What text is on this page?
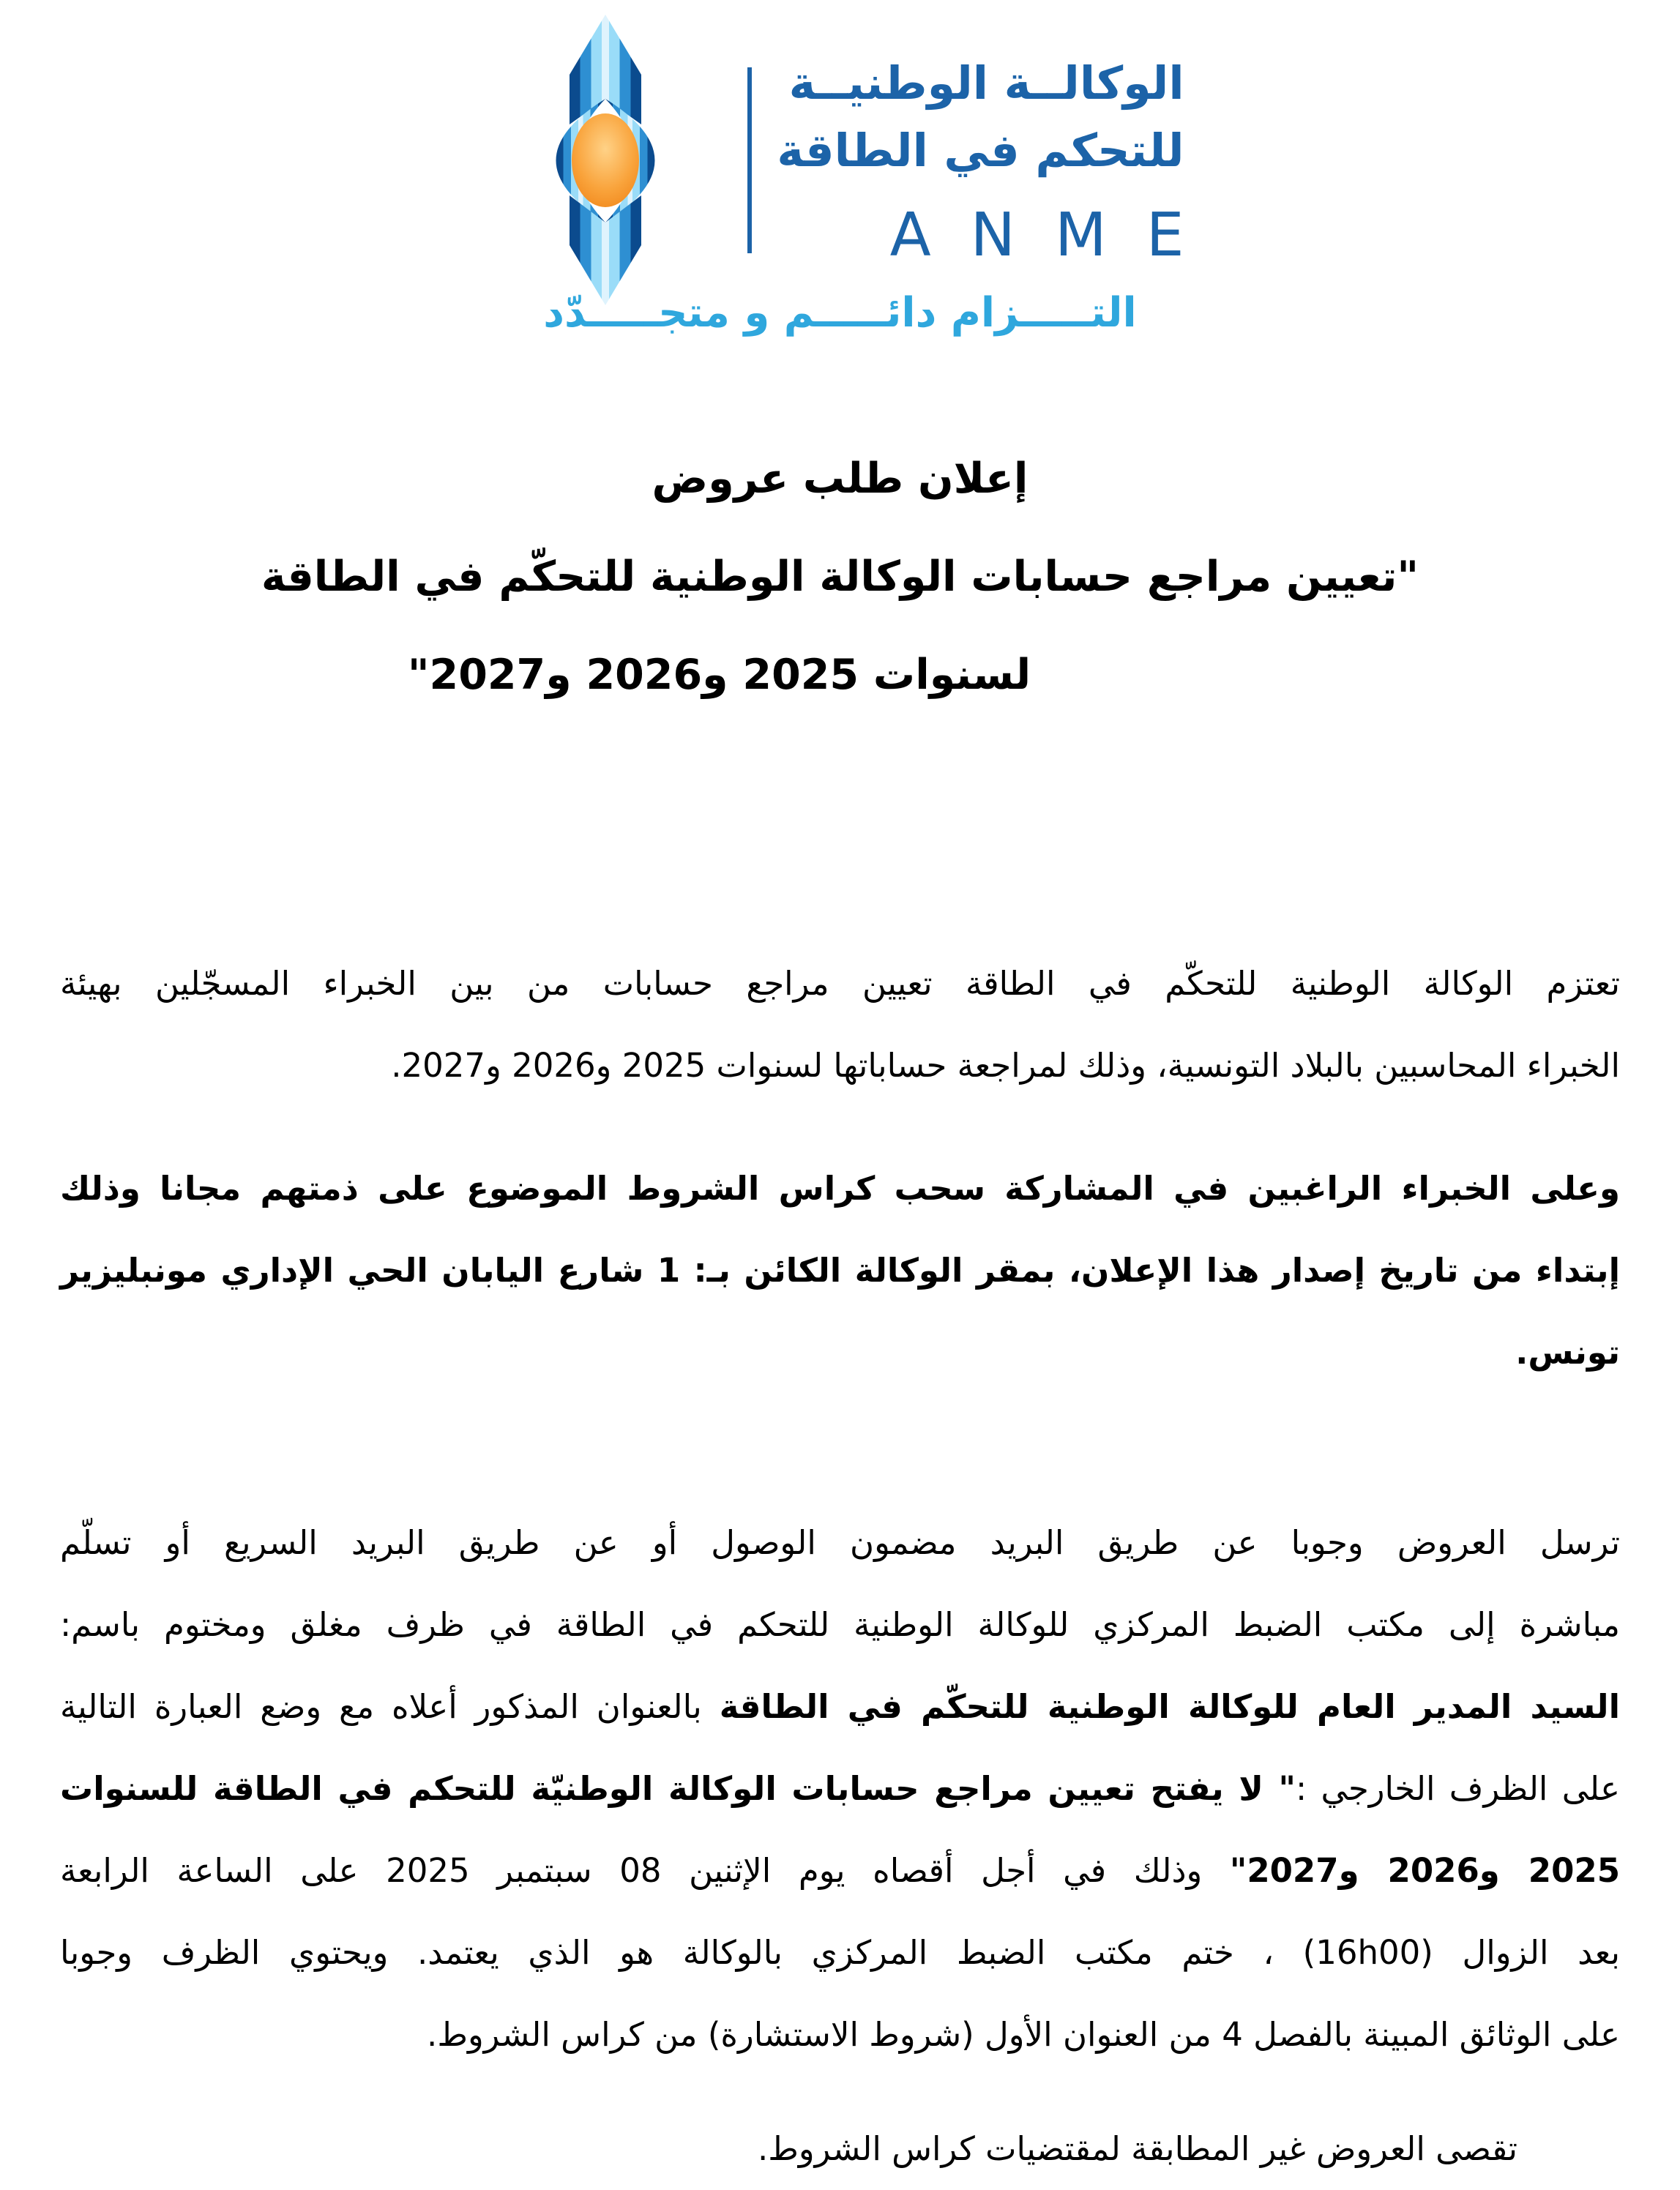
الوكالــة الوطنيــة
للتحكم في الطاقة
ANME
التـــــزام دائـــــم و متجـــــدّد
إعلان طلب عروض
"تعيين مراجع حسابات الوكالة الوطنية للتحكّم في الطاقة
لسنوات 2025 و2026 و2027"
تعتزم الوكالة الوطنية للتحكّم في الطاقة تعيين مراجع حسابات من بين الخبراء المسجّلين بهيئة
الخبراء المحاسبين بالبلاد التونسية، وذلك لمراجعة حساباتها لسنوات 2025 و2026 و2027.
وعلى الخبراء الراغبين في المشاركة سحب كراس الشروط الموضوع على ذمتهم مجانا وذلك
إبتداء من تاريخ إصدار هذا الإعلان، بمقر الوكالة الكائن بـ: 1 شارع اليابان الحي الإداري مونبليزير
تونس.
ترسل العروض وجوبا عن طريق البريد مضمون الوصول أو عن طريق البريد السريع أو تسلّم
مباشرة إلى مكتب الضبط المركزي للوكالة الوطنية للتحكم في الطاقة في ظرف مغلق ومختوم باسم:
السيد المدير العام للوكالة الوطنية للتحكّم في الطاقة بالعنوان المذكور أعلاه مع وضع العبارة التالية
على الظرف الخارجي :" لا يفتح تعيين مراجع حسابات الوكالة الوطنيّة للتحكم في الطاقة للسنوات
2025 و2026 و2027" وذلك في أجل أقصاه يوم الإثنين 08 سبتمبر 2025 على الساعة الرابعة
بعد الزوال (16h00) ، ختم مكتب الضبط المركزي بالوكالة هو الذي يعتمد. ويحتوي الظرف وجوبا
على الوثائق المبينة بالفصل 4 من العنوان الأول (شروط الاستشارة) من كراس الشروط.
تقصى العروض غير المطابقة لمقتضيات كراس الشروط.
